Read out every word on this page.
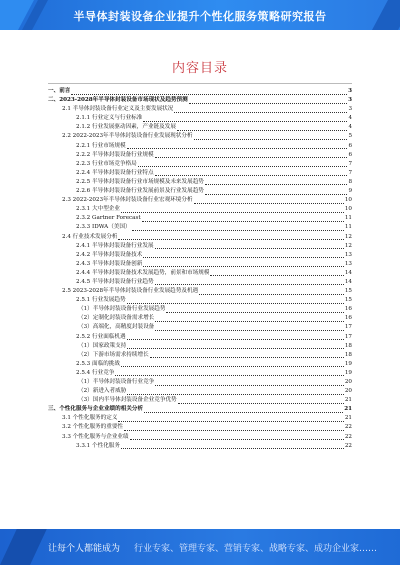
半导体封装设备企业提升个性化服务策略研究报告
内容目录
一、前言	3
二、2023-2028年半导体封装设备市场现状及趋势预测	3
2.1 半导体封装设备行业定义及主要发展状况	3
2.1.1 行业定义与行业标准	4
2.1.2 行业发展驱动因素，产业链及发展	4
2.2 2022-2023年半导体封装设备行业发展现状分析	5
2.2.1 行业市场规模	6
2.2.2 半导体封装设备行业规模	6
2.2.3 行业市场竞争格局	7
2.2.4 半导体封装设备行业特点	7
2.2.5 半导体封装设备行业市场规模及未来发展趋势	8
2.2.6 半导体封装设备行业发展前景及行业发展趋势	9
2.3 2022-2023年半导体封装设备行业宏观环境分析	10
2.3.1 大中型企业	10
2.3.2 Gartner Forecast	11
2.3.3 IDWA（美国）	11
2.4 行业技术发展分析	12
2.4.1 半导体封装设备行业发展	12
2.4.2 半导体封装设备技术	13
2.4.3 半导体封装设备创新	13
2.4.4 半导体封装设备技术发展趋势，前景和市场规模	14
2.4.5 半导体封装设备行业趋势	14
2.5 2023-2028年半导体封装设备行业发展趋势及机遇	15
2.5.1 行业发展趋势	15
（1）半导体封装设备行业发展趋势	16
（2）定制化封装设备需求增长	16
（3）高端化，高精度封装设备	17
2.5.2 行业面临机遇	17
（1）国家政策支持	18
（2）下游市场需求持续增长	18
2.5.3 面临的挑战	19
2.5.4 行业竞争	19
（1）半导体封装设备行业竞争	20
（2）新进入者威胁	20
（3）国内半导体封装设备企业竞争优势	21
三、个性化服务与企业业绩的相关分析	21
3.1 个性化服务的定义	21
3.2 个性化服务的重要性	22
3.3 个性化服务与企业业绩	22
3.3.1 个性化服务	22
让每个人都能成为 行业专家、管理专家、营销专家、战略专家、成功企业家……
